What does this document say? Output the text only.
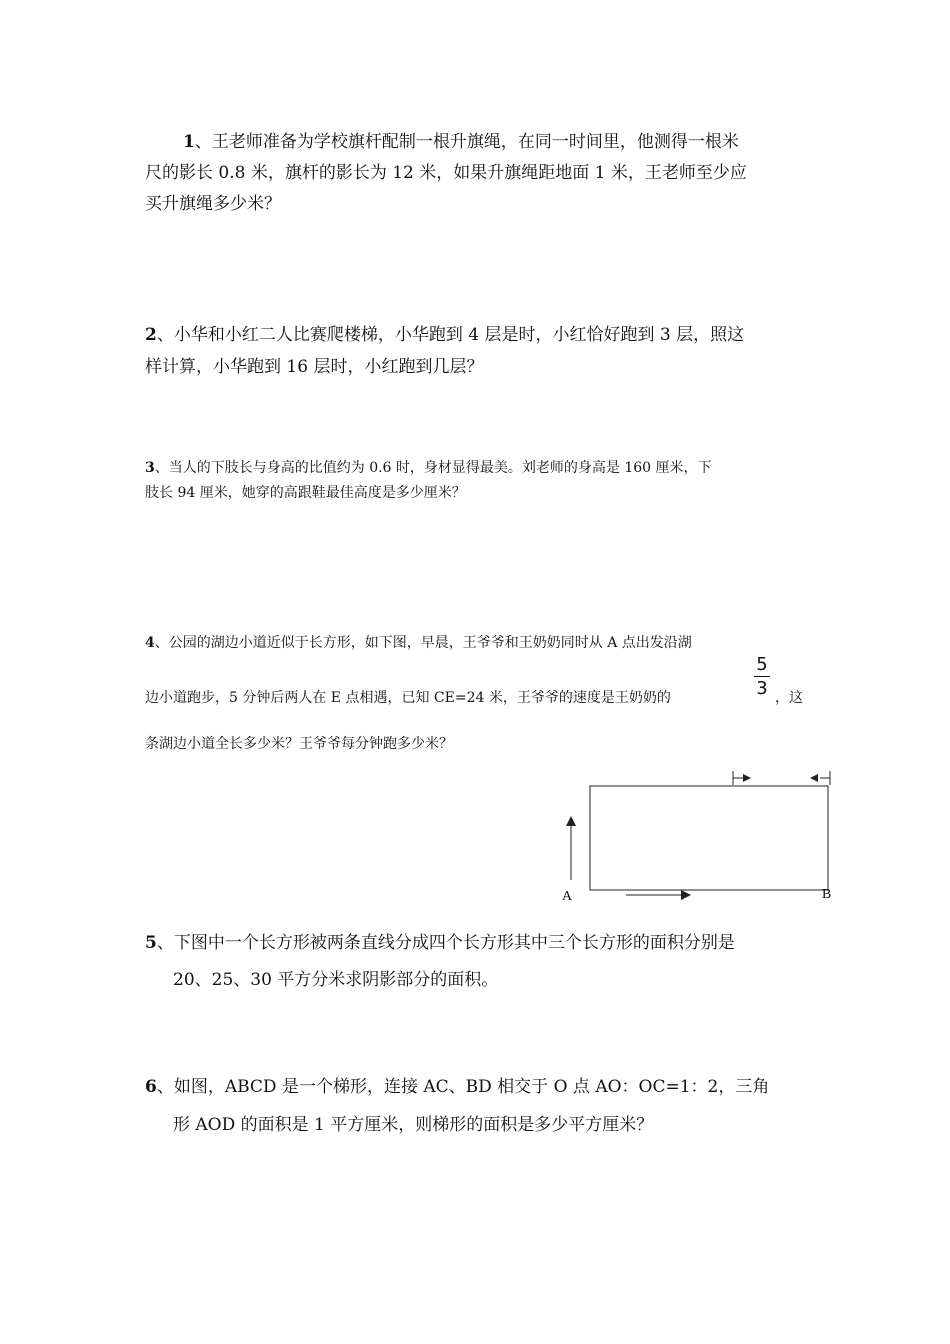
1、王老师准备为学校旗杆配制一根升旗绳，在同一时间里，他测得一根米
尺的影长 0.8 米，旗杆的影长为 12 米，如果升旗绳距地面 1 米，王老师至少应
买升旗绳多少米？
2、小华和小红二人比赛爬楼梯，小华跑到 4 层是时，小红恰好跑到 3 层，照这
样计算，小华跑到 16 层时，小红跑到几层？
3、当人的下肢长与身高的比值约为 0.6 时，身材显得最美。刘老师的身高是 160 厘米，下
肢长 94 厘米，她穿的高跟鞋最佳高度是多少厘米？
4、公园的湖边小道近似于长方形，如下图，早晨，王爷爷和王奶奶同时从 A 点出发沿湖
边小道跑步，5 分钟后两人在 E 点相遇，已知 CE=24 米，王爷爷的速度是王奶奶的	，这
条湖边小道全长多少米？王爷爷每分钟跑多少米？
5
3
A	B
5、下图中一个长方形被两条直线分成四个长方形其中三个长方形的面积分别是
20、25、30 平方分米求阴影部分的面积。
6、如图，ABCD 是一个梯形，连接 AC、BD 相交于 O 点 AO：OC=1：2，三角
形 AOD 的面积是 1 平方厘米，则梯形的面积是多少平方厘米？
